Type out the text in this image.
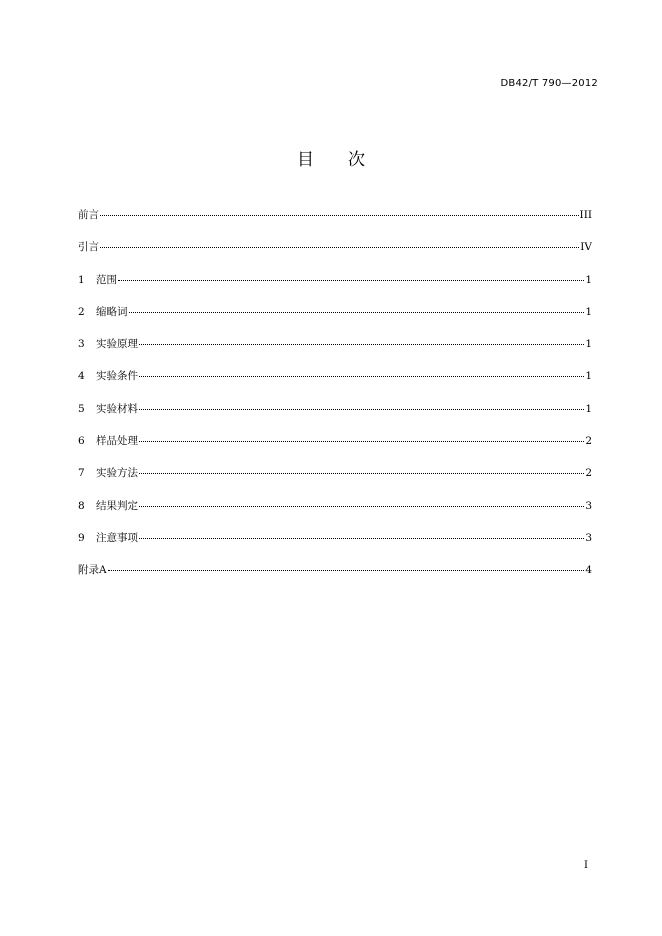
DB42/T 790—2012
目次
前言	III
引言	IV
1	范围	1
2	缩略词	1
3	实验原理	1
4	实验条件	1
5	实验材料	1
6	样品处理	2
7	实验方法	2
8	结果判定	3
9	注意事项	3
附录A	4
I
